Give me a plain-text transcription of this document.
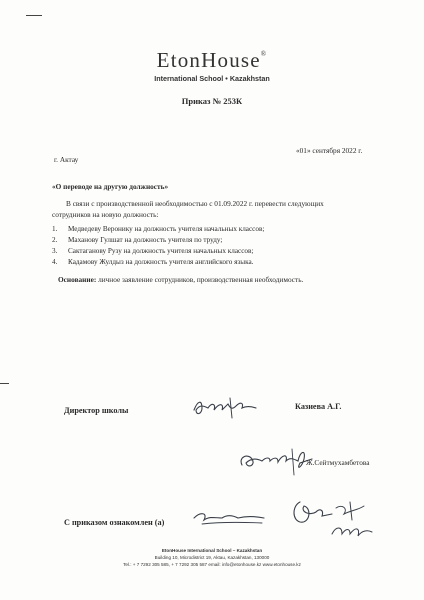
EtonHouse®
International School • Kazakhstan
Приказ № 253К
«01» сентября 2022 г.
г. Актау
«О переводе на другую должность»
В связи с производственной необходимостью с 01.09.2022 г. перевести следующих
сотрудников на новую должность:
1. Медведеву Веронику на должность учителя начальных классов;
2. Маханову Гулшат на должность учителя по труду;
3. Сактаганову Рузу на должность учителя начальных классов;
4. Кадамову Жулдыз на должность учителя английского языка.
Основание: личное заявление сотрудников, производственная необходимость.
Директор школы	Казиева А.Г.
Ж.Сейтмухамбетова
С приказом ознакомлен (а)
EtonHouse International School – Kazakhstan
Building 10, Microdistrict 19, Aktau, Kazakhstan, 130000
Tel.: + 7 7292 305 585, + 7 7292 305 587 email: info@etonhouse.kz www.etonhouse.kz
